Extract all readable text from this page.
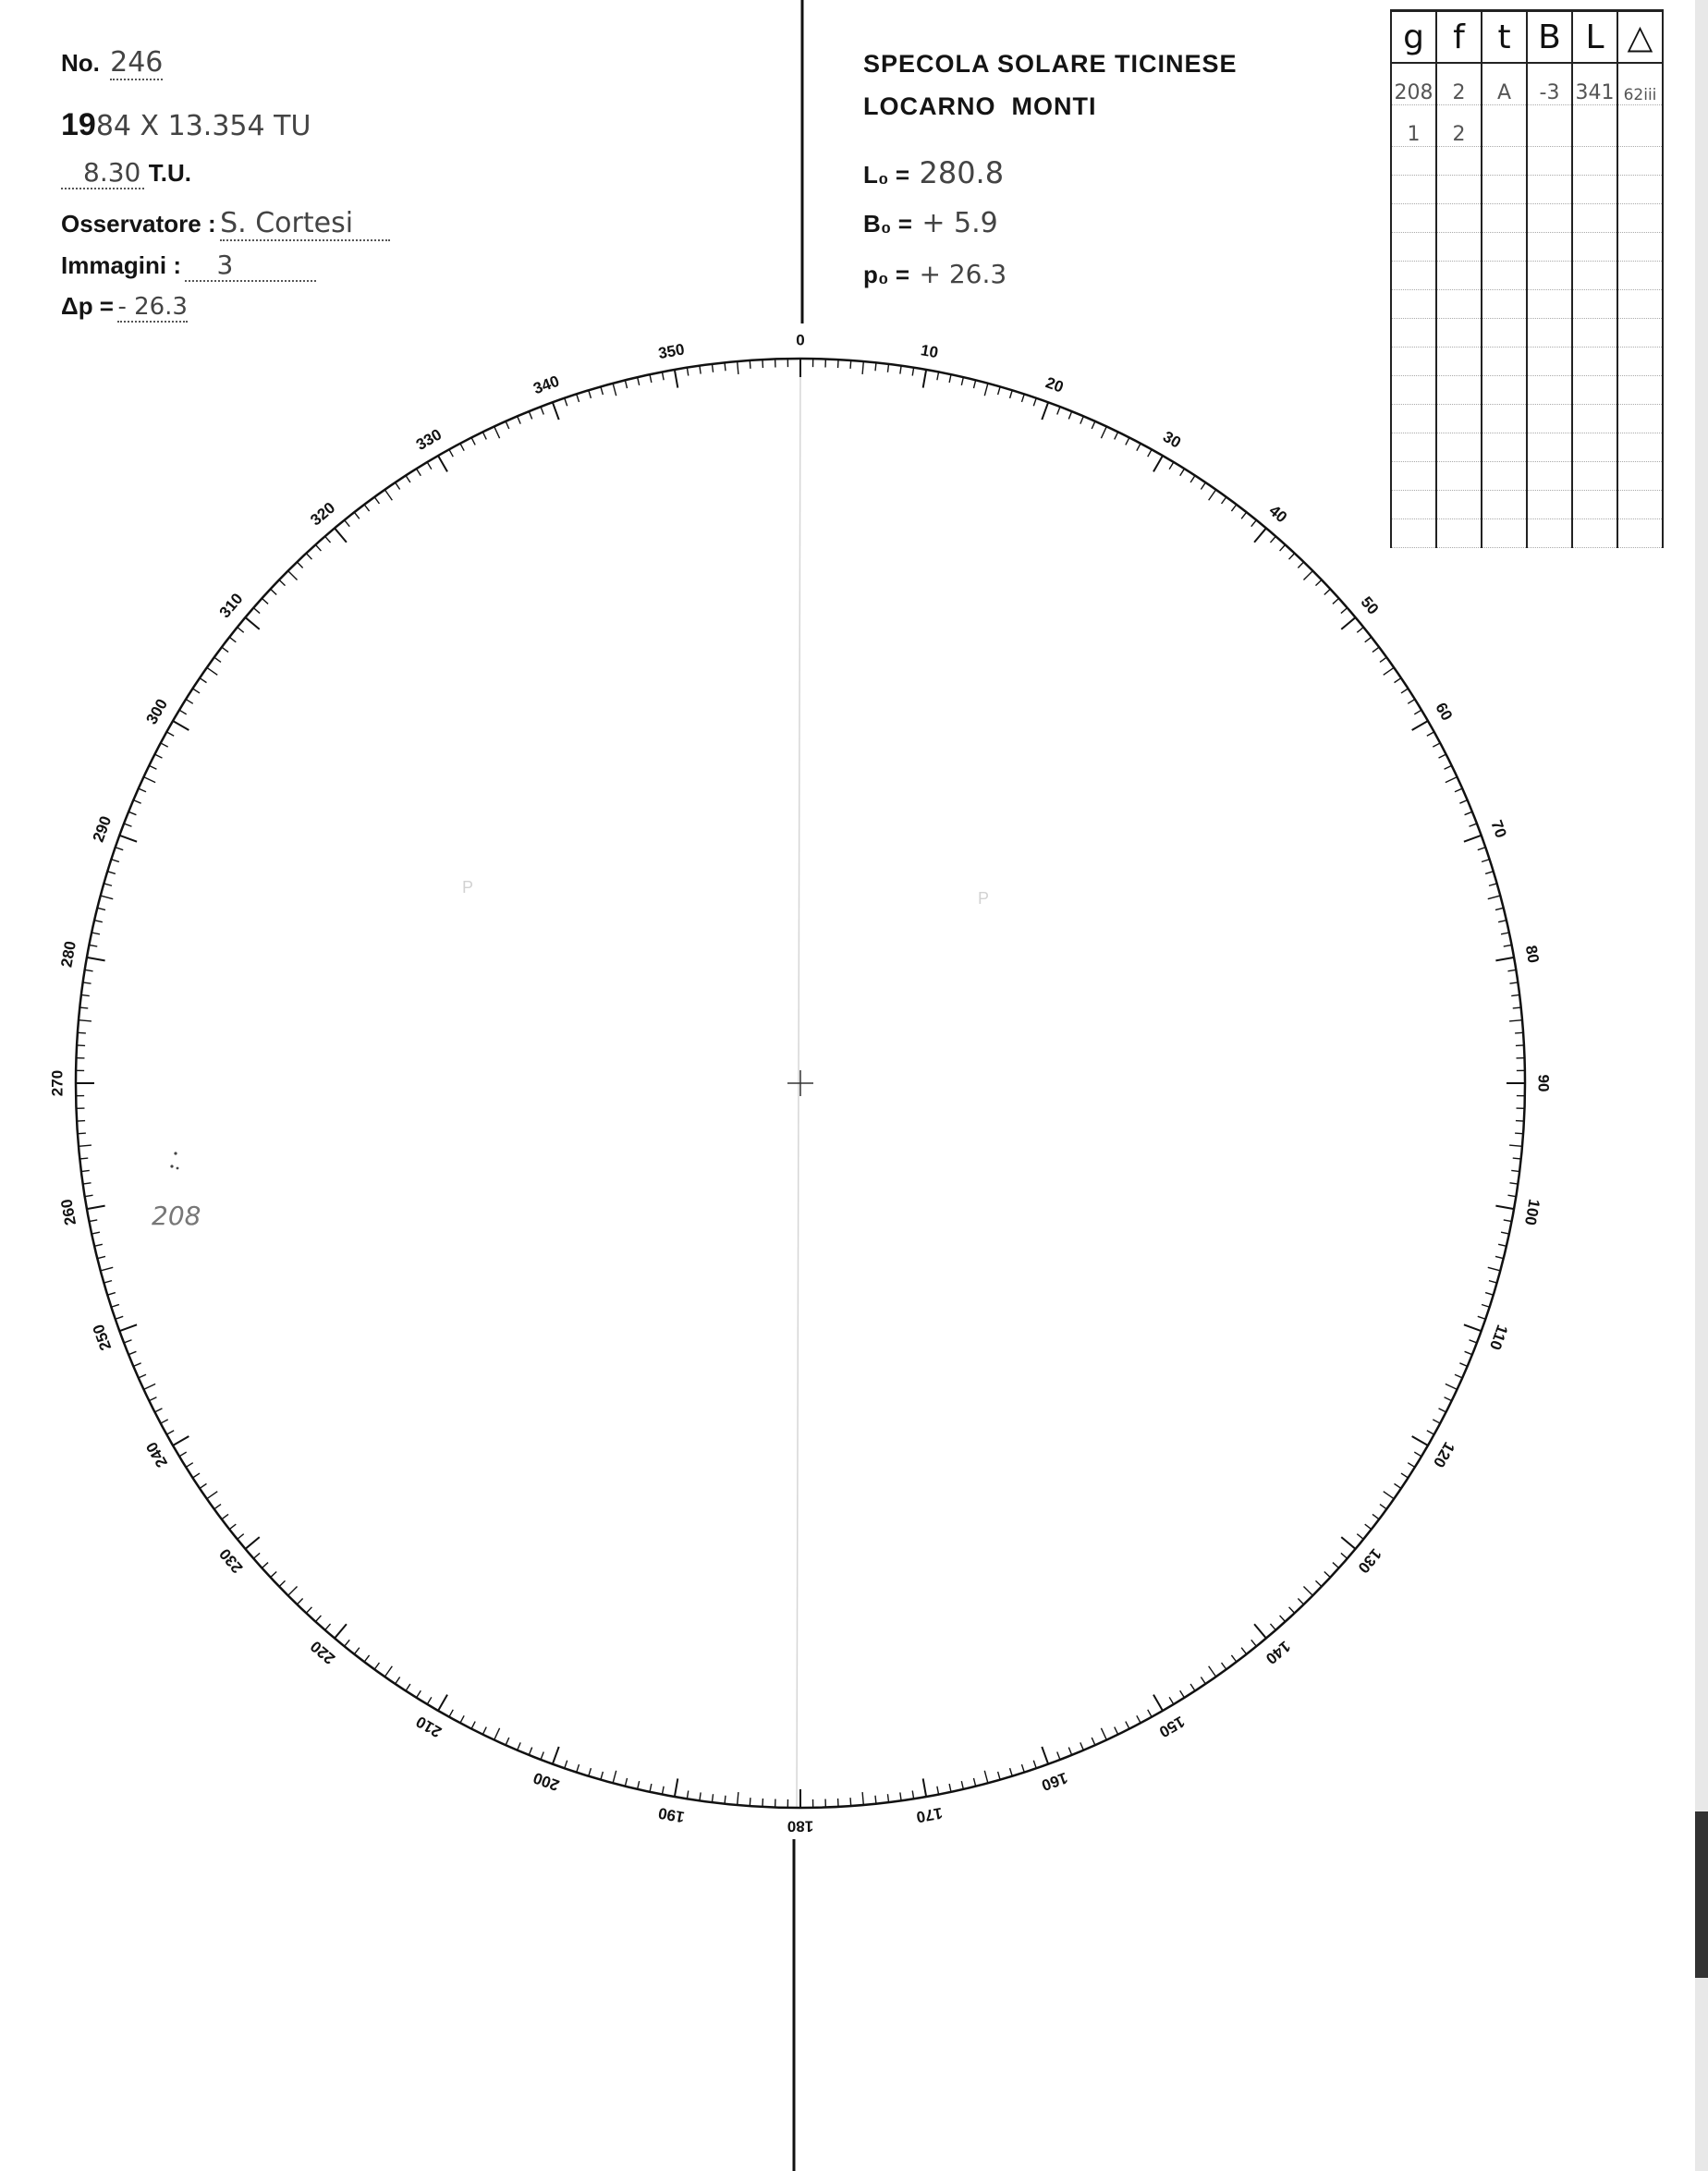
No. 246
1984 X 13.354 TU
8.30 T.U.
Osservatore : S. Cortesi
Immagini : 3
Δp = - 26.3
SPECOLA SOLARE TICINESE
LOCARNO  MONTI
L₀ = 280.8
B₀ = + 5.9
p₀ = + 26.3
g	f	t	B	L	△
208	2	A	-3	341	62iii
1	2				

0
10
20
30
40
50
60
70
80
90
100
110
120
130
140
150
160
170
180
190
200
210
220
230
240
250
260
270
280
290
300
310
320
330
340
350
208
P
P
